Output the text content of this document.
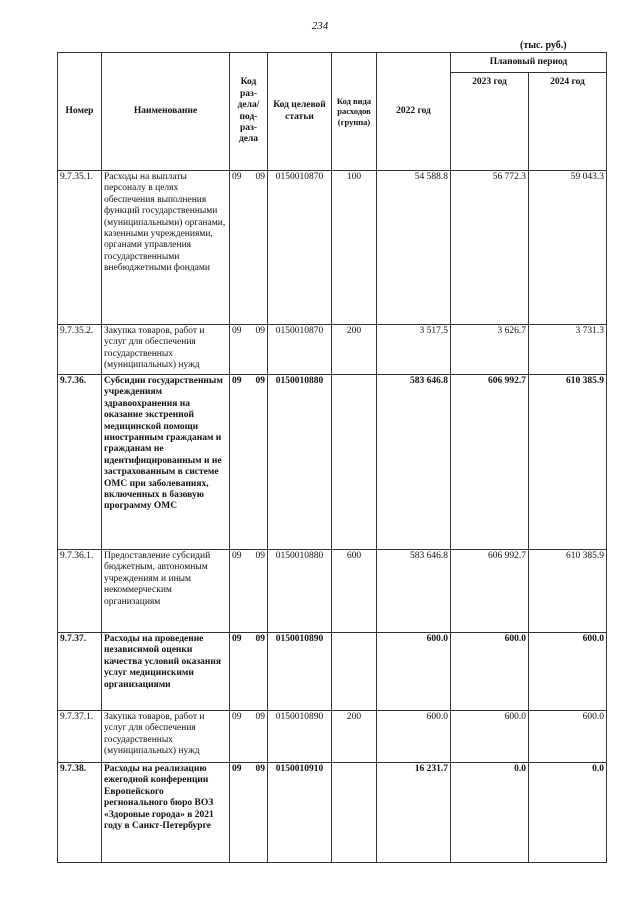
234
(тыс. руб.)
Номер	Наименование	Код раз-дела/ под-раз-дела	Код целевой статьи	Код вида расходов (группа)	2022 год	Плановый период	
						2023 год	2024 год
9.7.35.1.	Расходы на выплаты персоналу в целях обеспечения выполнения функций государственными (муниципальными) органами, казенными учреждениями, органами управления государственными внебюджетными фондами	09 09	0150010870	100	54 588.8	56 772.3	59 043.3
9.7.35.2.	Закупка товаров, работ и услуг для обеспечения государственных (муниципальных) нужд	09 09	0150010870	200	3 517.5	3 626.7	3 731.3
9.7.36.	Субсидии государственным учреждениям здравоохранения на оказание экстренной медицинской помощи иностранным гражданам и гражданам не идентифицированным и не застрахованным в системе ОМС при заболеваниях, включенных в базовую программу ОМС	09 09	0150010880		583 646.8	606 992.7	610 385.9
9.7.36.1.	Предоставление субсидий бюджетным, автономным учреждениям и иным некоммерческим организациям	09 09	0150010880	600	583 646.8	606 992.7	610 385.9
9.7.37.	Расходы на проведение независимой оценки качества условий оказания услуг медицинскими организациями	09 09	0150010890		600.0	600.0	600.0
9.7.37.1.	Закупка товаров, работ и услуг для обеспечения государственных (муниципальных) нужд	09 09	0150010890	200	600.0	600.0	600.0
9.7.38.	Расходы на реализацию ежегодной конференции Европейского регионального бюро ВОЗ «Здоровые города» в 2021 году в Санкт-Петербурге	09 09	0150010910		16 231.7	0.0	0.0
